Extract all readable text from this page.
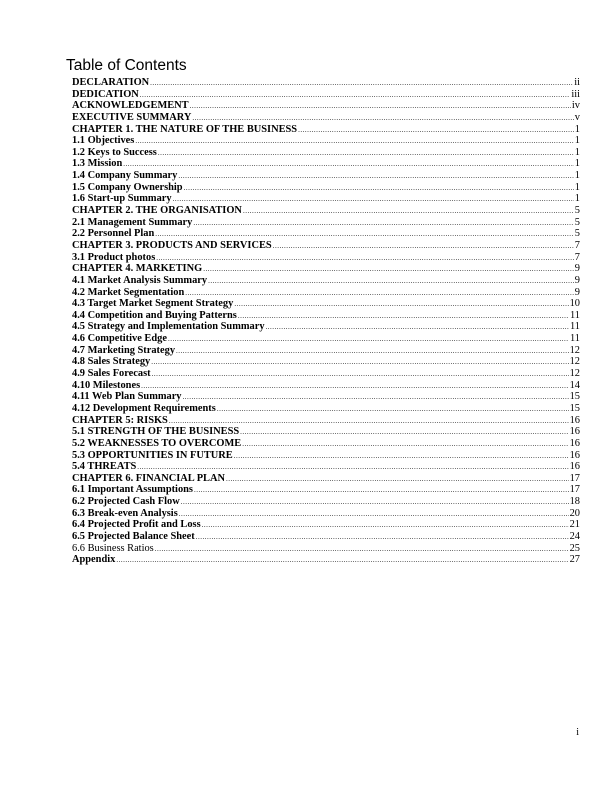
Table of Contents
DECLARATION .....	ii
DEDICATION .....	iii
ACKNOWLEDGEMENT .....	iv
EXECUTIVE SUMMARY .....	v
CHAPTER 1. THE NATURE OF THE BUSINESS .....	1
1.1 Objectives .....	1
1.2 Keys to Success .....	1
1.3 Mission .....	1
1.4 Company Summary .....	1
1.5 Company Ownership .....	1
1.6 Start-up Summary .....	1
CHAPTER 2. THE ORGANISATION .....	5
2.1 Management Summary .....	5
2.2 Personnel Plan .....	5
CHAPTER 3. PRODUCTS AND SERVICES .....	7
3.1 Product photos .....	7
CHAPTER 4. MARKETING .....	9
4.1 Market Analysis Summary .....	9
4.2 Market Segmentation .....	9
4.3 Target Market Segment Strategy .....	10
4.4 Competition and Buying Patterns .....	11
4.5 Strategy and Implementation Summary .....	11
4.6 Competitive Edge .....	11
4.7 Marketing Strategy .....	12
4.8 Sales Strategy .....	12
4.9 Sales Forecast .....	12
4.10 Milestones .....	14
4.11 Web Plan Summary .....	15
4.12 Development Requirements .....	15
CHAPTER 5: RISKS .....	16
5.1 STRENGTH OF THE BUSINESS .....	16
5.2 WEAKNESSES TO OVERCOME .....	16
5.3 OPPORTUNITIES IN FUTURE .....	16
5.4 THREATS .....	16
CHAPTER 6. FINANCIAL PLAN .....	17
6.1 Important Assumptions .....	17
6.2 Projected Cash Flow .....	18
6.3 Break-even Analysis .....	20
6.4 Projected Profit and Loss .....	21
6.5 Projected Balance Sheet .....	24
6.6 Business Ratios .....	25
Appendix .....	27
i
